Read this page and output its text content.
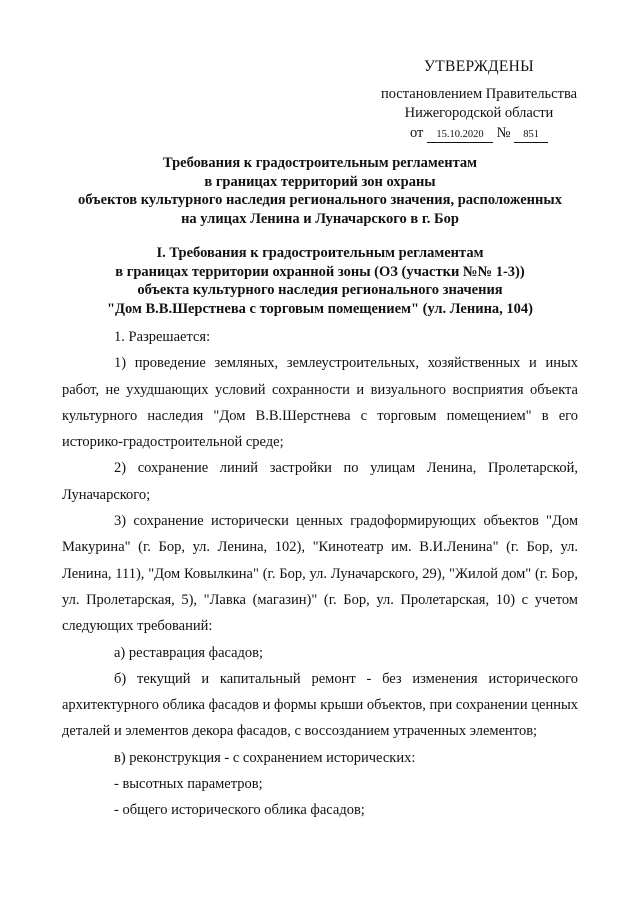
УТВЕРЖДЕНЫ
постановлением Правительства
Нижегородской области
от 15.10.2020 № 851
Требования к градостроительным регламентам
в границах территорий зон охраны
объектов культурного наследия регионального значения, расположенных
на улицах Ленина и Луначарского в г. Бор
I. Требования к градостроительным регламентам
в границах территории охранной зоны (ОЗ (участки №№ 1-3))
объекта культурного наследия регионального значения
"Дом В.В.Шерстнева с торговым помещением" (ул. Ленина, 104)

1. Разрешается:

1) проведение земляных, землеустроительных, хозяйственных и иных работ, не ухудшающих условий сохранности и визуального восприятия объекта культурного наследия "Дом В.В.Шерстнева с торговым помещением" в его историко-градостроительной среде;

2) сохранение линий застройки по улицам Ленина, Пролетарской, Луначарского;

3) сохранение исторически ценных градоформирующих объектов "Дом Макурина" (г. Бор, ул. Ленина, 102), "Кинотеатр им. В.И.Ленина" (г. Бор, ул. Ленина, 111), "Дом Ковылкина" (г. Бор, ул. Луначарского, 29), "Жилой дом" (г. Бор, ул. Пролетарская, 5), "Лавка (магазин)" (г. Бор, ул. Пролетарская, 10) с учетом следующих требований:

а) реставрация фасадов;

б) текущий и капитальный ремонт - без изменения исторического архитектурного облика фасадов и формы крыши объектов, при сохранении ценных деталей и элементов декора фасадов, с воссозданием утраченных элементов;

в) реконструкция - с сохранением исторических:

- высотных параметров;

- общего исторического облика фасадов;
